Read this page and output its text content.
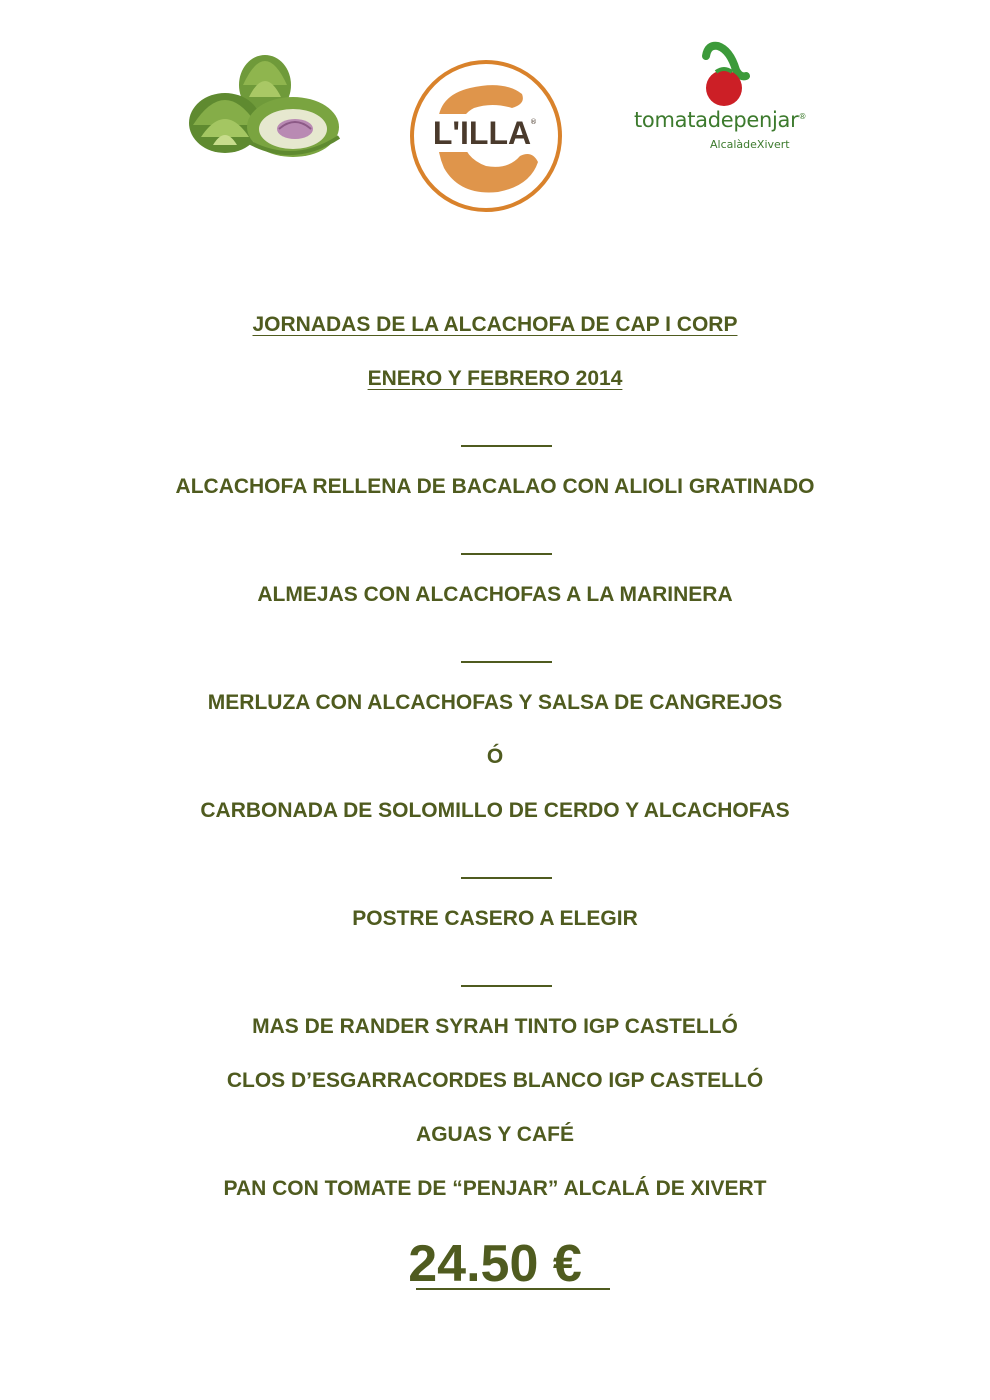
L'ILLA
®	tomatadepenjar®
AlcalàdeXivert

JORNADAS DE LA ALCACHOFA DE CAP I CORP

ENERO Y FEBRERO 2014

ALCACHOFA RELLENA DE BACALAO CON ALIOLI GRATINADO

ALMEJAS CON ALCACHOFAS A LA MARINERA

MERLUZA CON ALCACHOFAS Y SALSA DE CANGREJOS

Ó

CARBONADA DE SOLOMILLO DE CERDO Y ALCACHOFAS

POSTRE CASERO A ELEGIR

MAS DE RANDER SYRAH TINTO IGP CASTELLÓ

CLOS D’ESGARRACORDES BLANCO IGP CASTELLÓ

AGUAS Y CAFÉ

PAN CON TOMATE DE “PENJAR” ALCALÁ DE XIVERT

24.50 €
